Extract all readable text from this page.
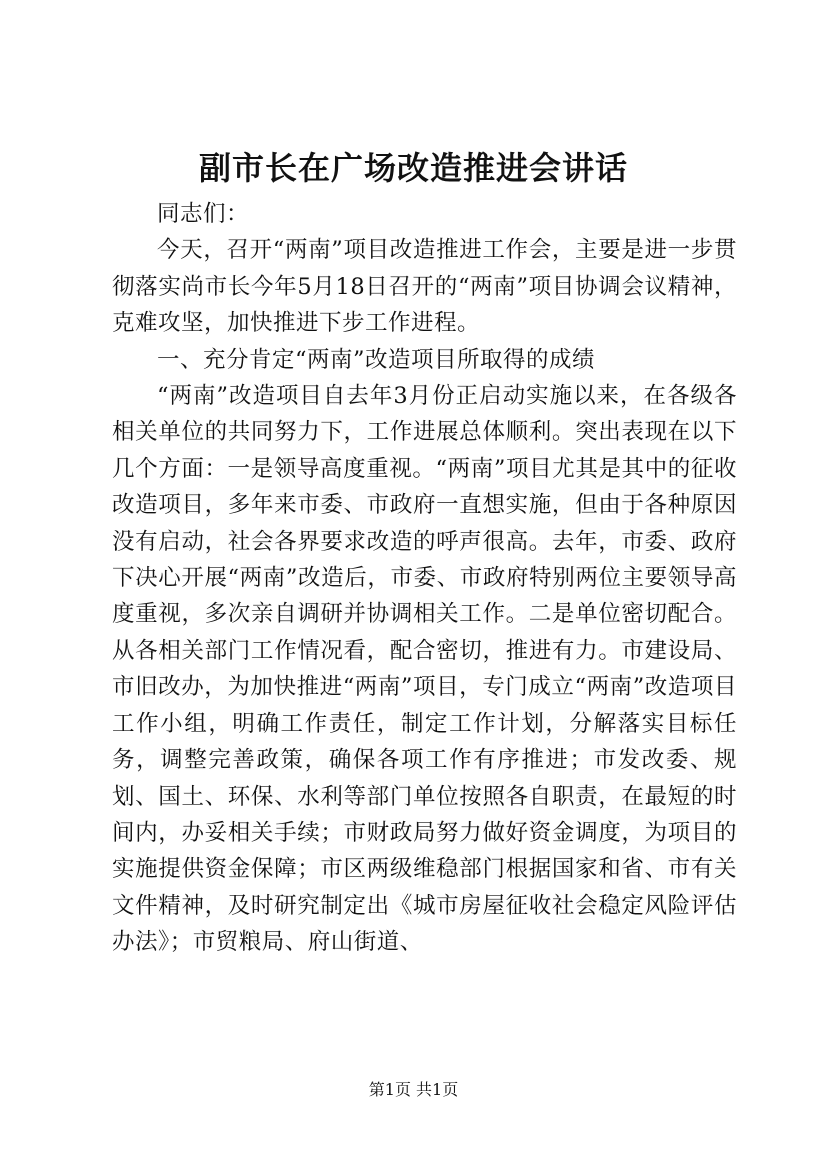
副市长在广场改造推进会讲话

同志们：

今天，召开“两南”项目改造推进工作会，主要是进一步贯彻落实尚市长今年5月18日召开的“两南”项目协调会议精神，克难攻坚，加快推进下步工作进程。

一、充分肯定“两南”改造项目所取得的成绩

“两南”改造项目自去年3月份正启动实施以来，在各级各相关单位的共同努力下，工作进展总体顺利。突出表现在以下几个方面：一是领导高度重视。“两南”项目尤其是其中的征收改造项目，多年来市委、市政府一直想实施，但由于各种原因没有启动，社会各界要求改造的呼声很高。去年，市委、政府下决心开展“两南”改造后，市委、市政府特别两位主要领导高度重视，多次亲自调研并协调相关工作。二是单位密切配合。从各相关部门工作情况看，配合密切，推进有力。市建设局、市旧改办，为加快推进“两南”项目，专门成立“两南”改造项目工作小组，明确工作责任，制定工作计划，分解落实目标任务，调整完善政策，确保各项工作有序推进；市发改委、规划、国土、环保、水利等部门单位按照各自职责，在最短的时间内，办妥相关手续；市财政局努力做好资金调度，为项目的实施提供资金保障；市区两级维稳部门根据国家和省、市有关文件精神，及时研究制定出《城市房屋征收社会稳定风险评估办法》；市贸粮局、府山街道、

第1页 共1页
